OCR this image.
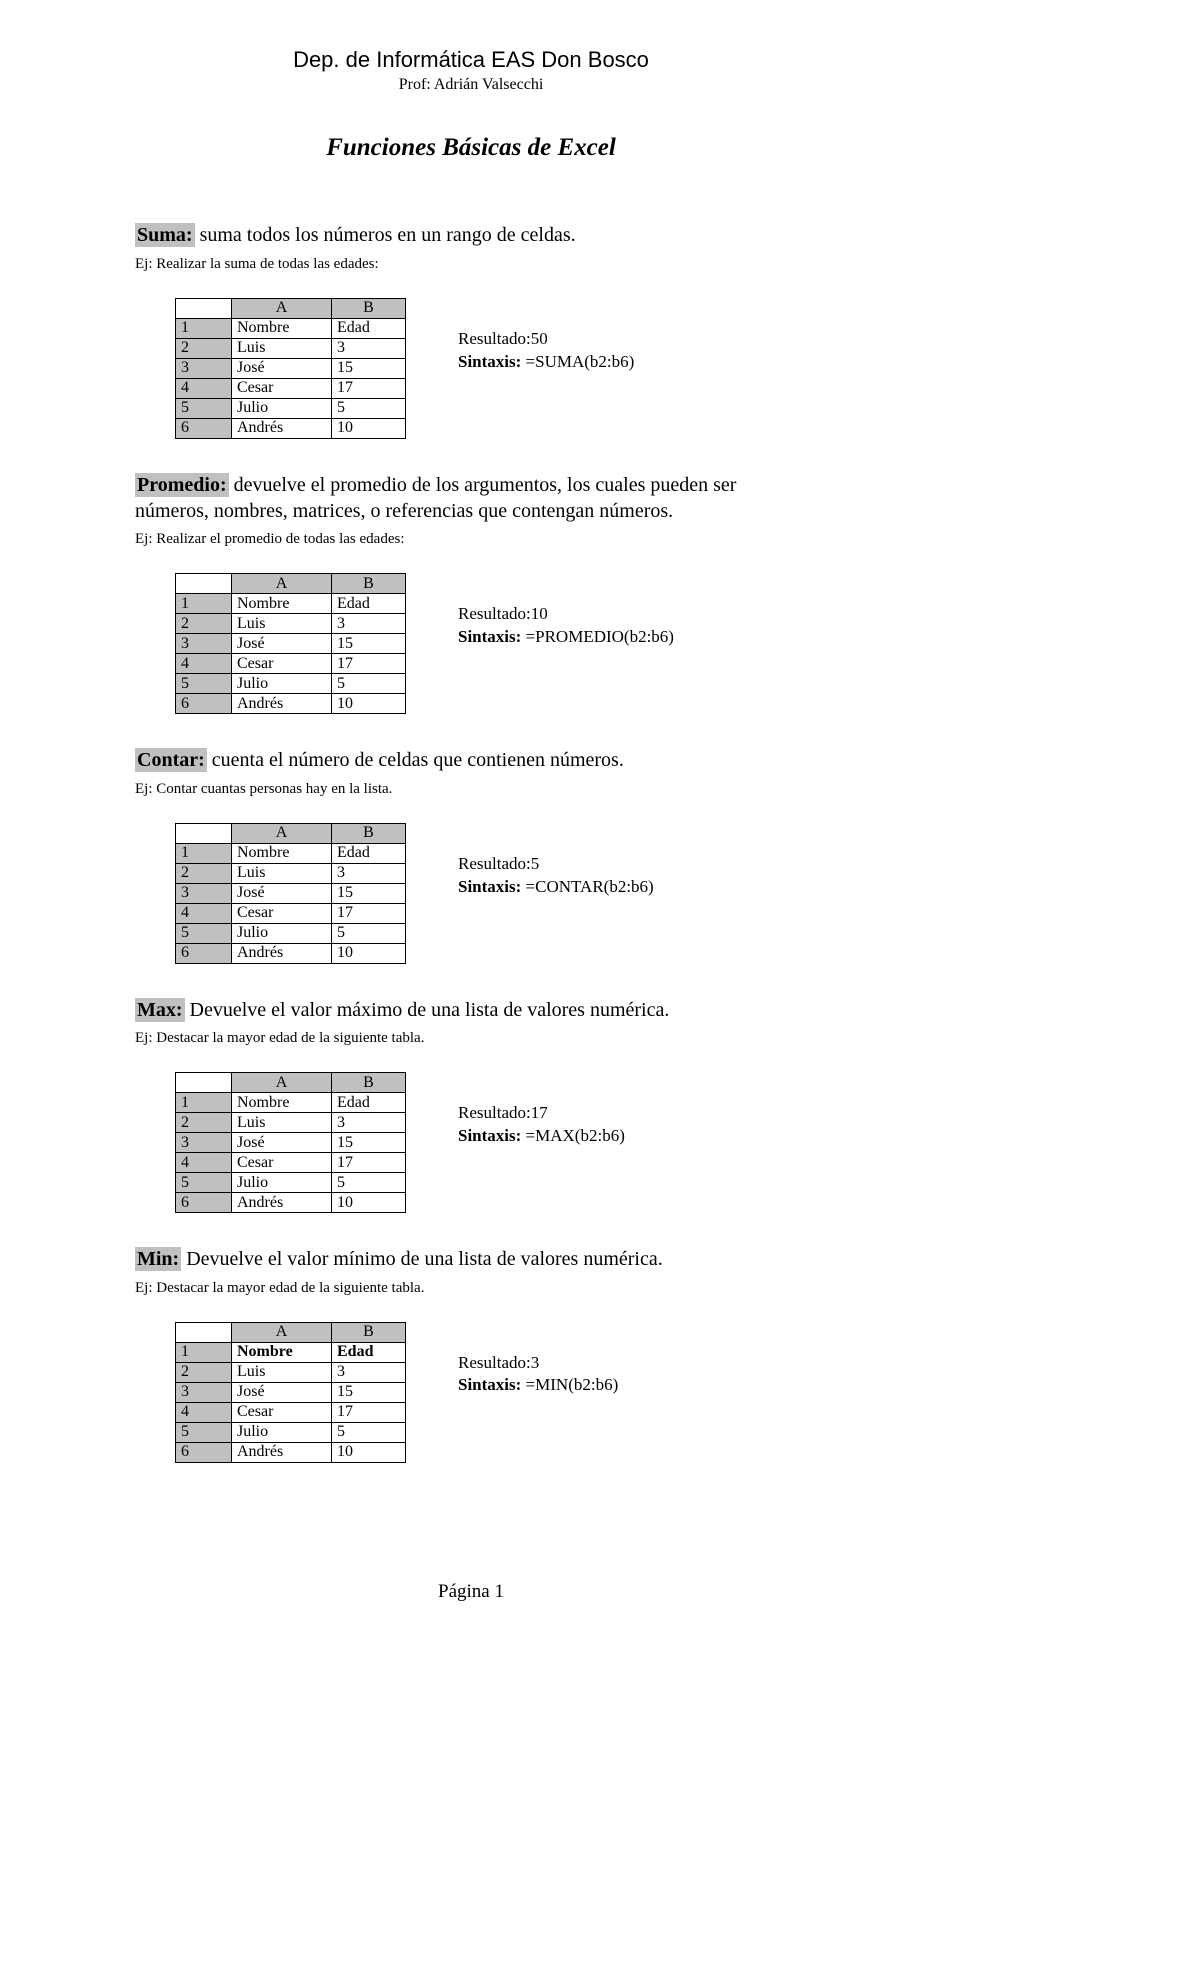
Dep. de Informática EAS Don Bosco
Prof: Adrián Valsecchi
Funciones Básicas de Excel

Suma: suma todos los números en un rango de celdas.

Ej: Realizar la suma de todas las edades:

	A	B
1	Nombre	Edad
2	Luis	3
3	José	15
4	Cesar	17
5	Julio	5
6	Andrés	10

Resultado:50

Sintaxis: =SUMA(b2:b6)

Promedio: devuelve el promedio de los argumentos, los cuales pueden ser números, nombres, matrices, o referencias que contengan números.

Ej: Realizar el promedio de todas las edades:

	A	B
1	Nombre	Edad
2	Luis	3
3	José	15
4	Cesar	17
5	Julio	5
6	Andrés	10

Resultado:10

Sintaxis: =PROMEDIO(b2:b6)

Contar: cuenta el número de celdas que contienen números.

Ej: Contar cuantas personas hay en la lista.

	A	B
1	Nombre	Edad
2	Luis	3
3	José	15
4	Cesar	17
5	Julio	5
6	Andrés	10

Resultado:5

Sintaxis: =CONTAR(b2:b6)

Max: Devuelve el valor máximo de una lista de valores numérica.

Ej: Destacar la mayor edad de la siguiente tabla.

	A	B
1	Nombre	Edad
2	Luis	3
3	José	15
4	Cesar	17
5	Julio	5
6	Andrés	10

Resultado:17

Sintaxis: =MAX(b2:b6)

Min: Devuelve el valor mínimo de una lista de valores numérica.

Ej: Destacar la mayor edad de la siguiente tabla.

	A	B
1	Nombre	Edad
2	Luis	3
3	José	15
4	Cesar	17
5	Julio	5
6	Andrés	10

Resultado:3

Sintaxis: =MIN(b2:b6)

Página 1
